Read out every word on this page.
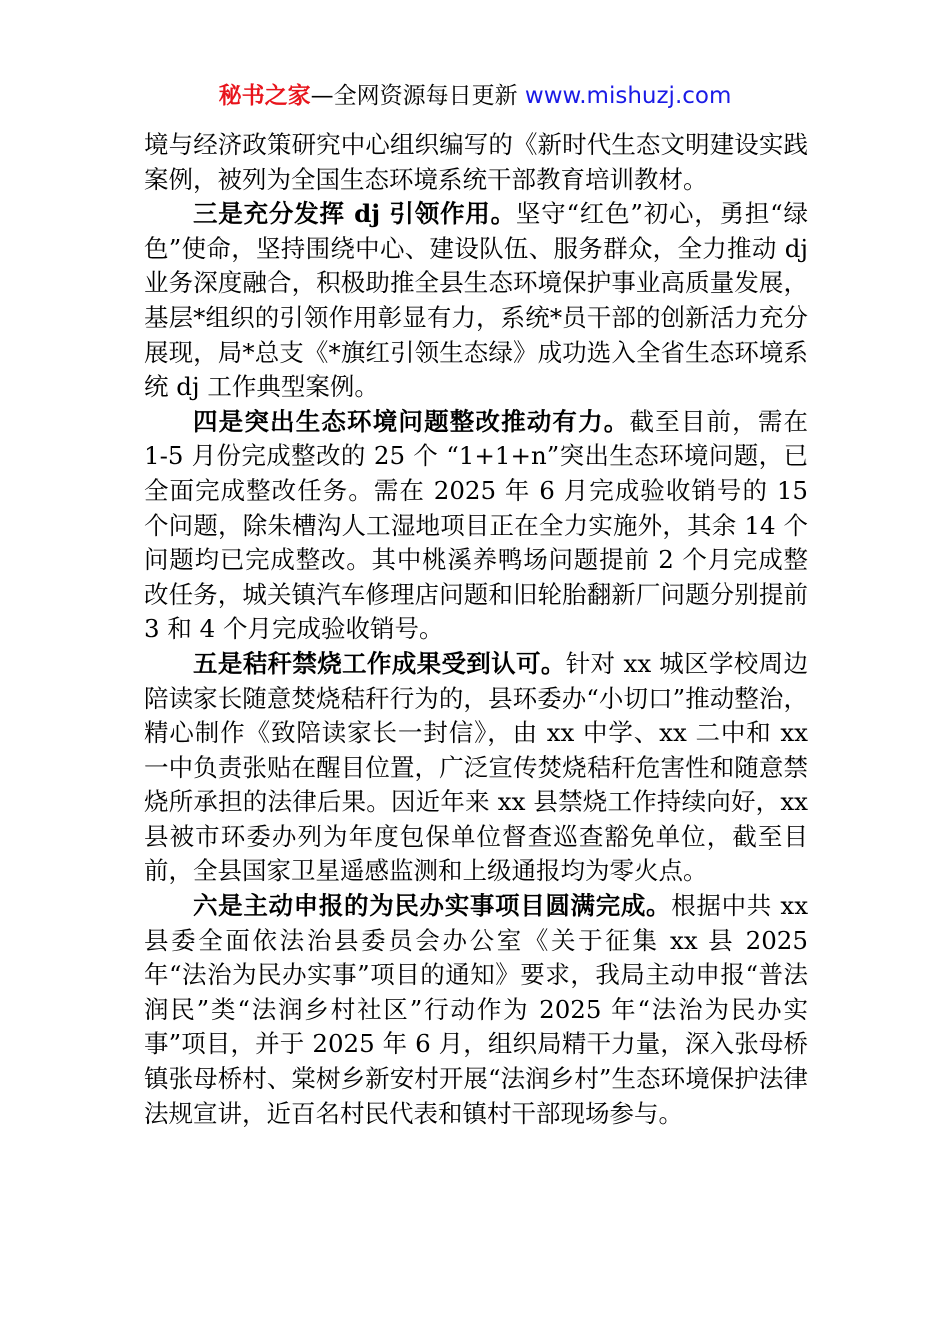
秘书之家—全网资源每日更新 www.mishuzj.com

境与经济政策研究中心组织编写的《新时代生态文明建设实践案例，被列为全国生态环境系统干部教育培训教材。

三是充分发挥 dj 引领作用。坚守“红色”初心，勇担“绿色”使命，坚持围绕中心、建设队伍、服务群众，全力推动 dj 业务深度融合，积极助推全县生态环境保护事业高质量发展，基层*组织的引领作用彰显有力，系统*员干部的创新活力充分展现，局*总支《*旗红引领生态绿》成功选入全省生态环境系统 dj 工作典型案例。

四是突出生态环境问题整改推动有力。截至目前，需在 1-5 月份完成整改的 25 个 “1+1+n”突出生态环境问题，已全面完成整改任务。需在 2025 年 6 月完成验收销号的 15 个问题，除朱槽沟人工湿地项目正在全力实施外，其余 14 个问题均已完成整改。其中桃溪养鸭场问题提前 2 个月完成整改任务，城关镇汽车修理店问题和旧轮胎翻新厂问题分别提前 3 和 4 个月完成验收销号。

五是秸秆禁烧工作成果受到认可。针对 xx 城区学校周边陪读家长随意焚烧秸秆行为的，县环委办“小切口”推动整治，精心制作《致陪读家长一封信》，由 xx 中学、xx 二中和 xx 一中负责张贴在醒目位置，广泛宣传焚烧秸秆危害性和随意禁烧所承担的法律后果。因近年来 xx 县禁烧工作持续向好，xx 县被市环委办列为年度包保单位督查巡查豁免单位，截至目前，全县国家卫星遥感监测和上级通报均为零火点。

六是主动申报的为民办实事项目圆满完成。根据中共 xx 县委全面依法治县委员会办公室《关于征集 xx 县 2025 年“法治为民办实事”项目的通知》要求，我局主动申报“普法润民”类“法润乡村社区”行动作为 2025 年“法治为民办实事”项目，并于 2025 年 6 月，组织局精干力量，深入张母桥镇张母桥村、棠树乡新安村开展“法润乡村”生态环境保护法律法规宣讲，近百名村民代表和镇村干部现场参与。
